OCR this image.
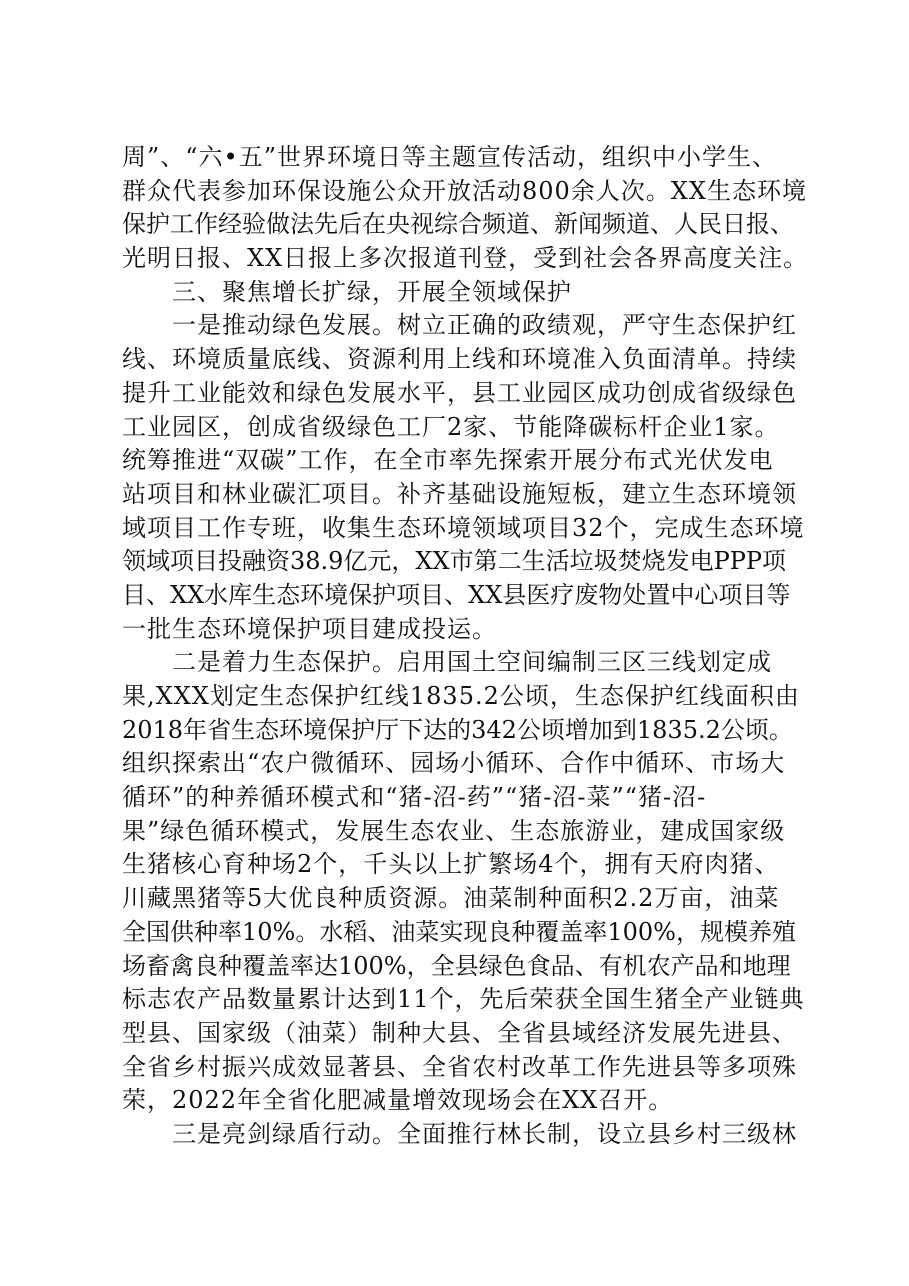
周”、“六•五”世界环境日等主题宣传活动，组织中小学生、
群众代表参加环保设施公众开放活动800余人次。XX生态环境
保护工作经验做法先后在央视综合频道、新闻频道、人民日报、
光明日报、XX日报上多次报道刊登，受到社会各界高度关注。
三、聚焦增长扩绿，开展全领域保护
一是推动绿色发展。树立正确的政绩观，严守生态保护红
线、环境质量底线、资源利用上线和环境准入负面清单。持续
提升工业能效和绿色发展水平，县工业园区成功创成省级绿色
工业园区，创成省级绿色工厂2家、节能降碳标杆企业1家。
统筹推进“双碳”工作，在全市率先探索开展分布式光伏发电
站项目和林业碳汇项目。补齐基础设施短板，建立生态环境领
域项目工作专班，收集生态环境领域项目32个，完成生态环境
领域项目投融资38.9亿元，XX市第二生活垃圾焚烧发电PPP项
目、XX水库生态环境保护项目、XX县医疗废物处置中心项目等
一批生态环境保护项目建成投运。
二是着力生态保护。启用国土空间编制三区三线划定成
果,XXX划定生态保护红线1835.2公顷，生态保护红线面积由
2018年省生态环境保护厅下达的342公顷增加到1835.2公顷。
组织探索出“农户微循环、园场小循环、合作中循环、市场大
循环”的种养循环模式和“猪-沼-药”“猪-沼-菜”“猪-沼-
果”绿色循环模式，发展生态农业、生态旅游业，建成国家级
生猪核心育种场2个，千头以上扩繁场4个，拥有天府肉猪、
川藏黑猪等5大优良种质资源。油菜制种面积2.2万亩，油菜
全国供种率10%。水稻、油菜实现良种覆盖率100%，规模养殖
场畜禽良种覆盖率达100%，全县绿色食品、有机农产品和地理
标志农产品数量累计达到11个，先后荣获全国生猪全产业链典
型县、国家级（油菜）制种大县、全省县域经济发展先进县、
全省乡村振兴成效显著县、全省农村改革工作先进县等多项殊
荣，2022年全省化肥减量增效现场会在XX召开。
三是亮剑绿盾行动。全面推行林长制，设立县乡村三级林
